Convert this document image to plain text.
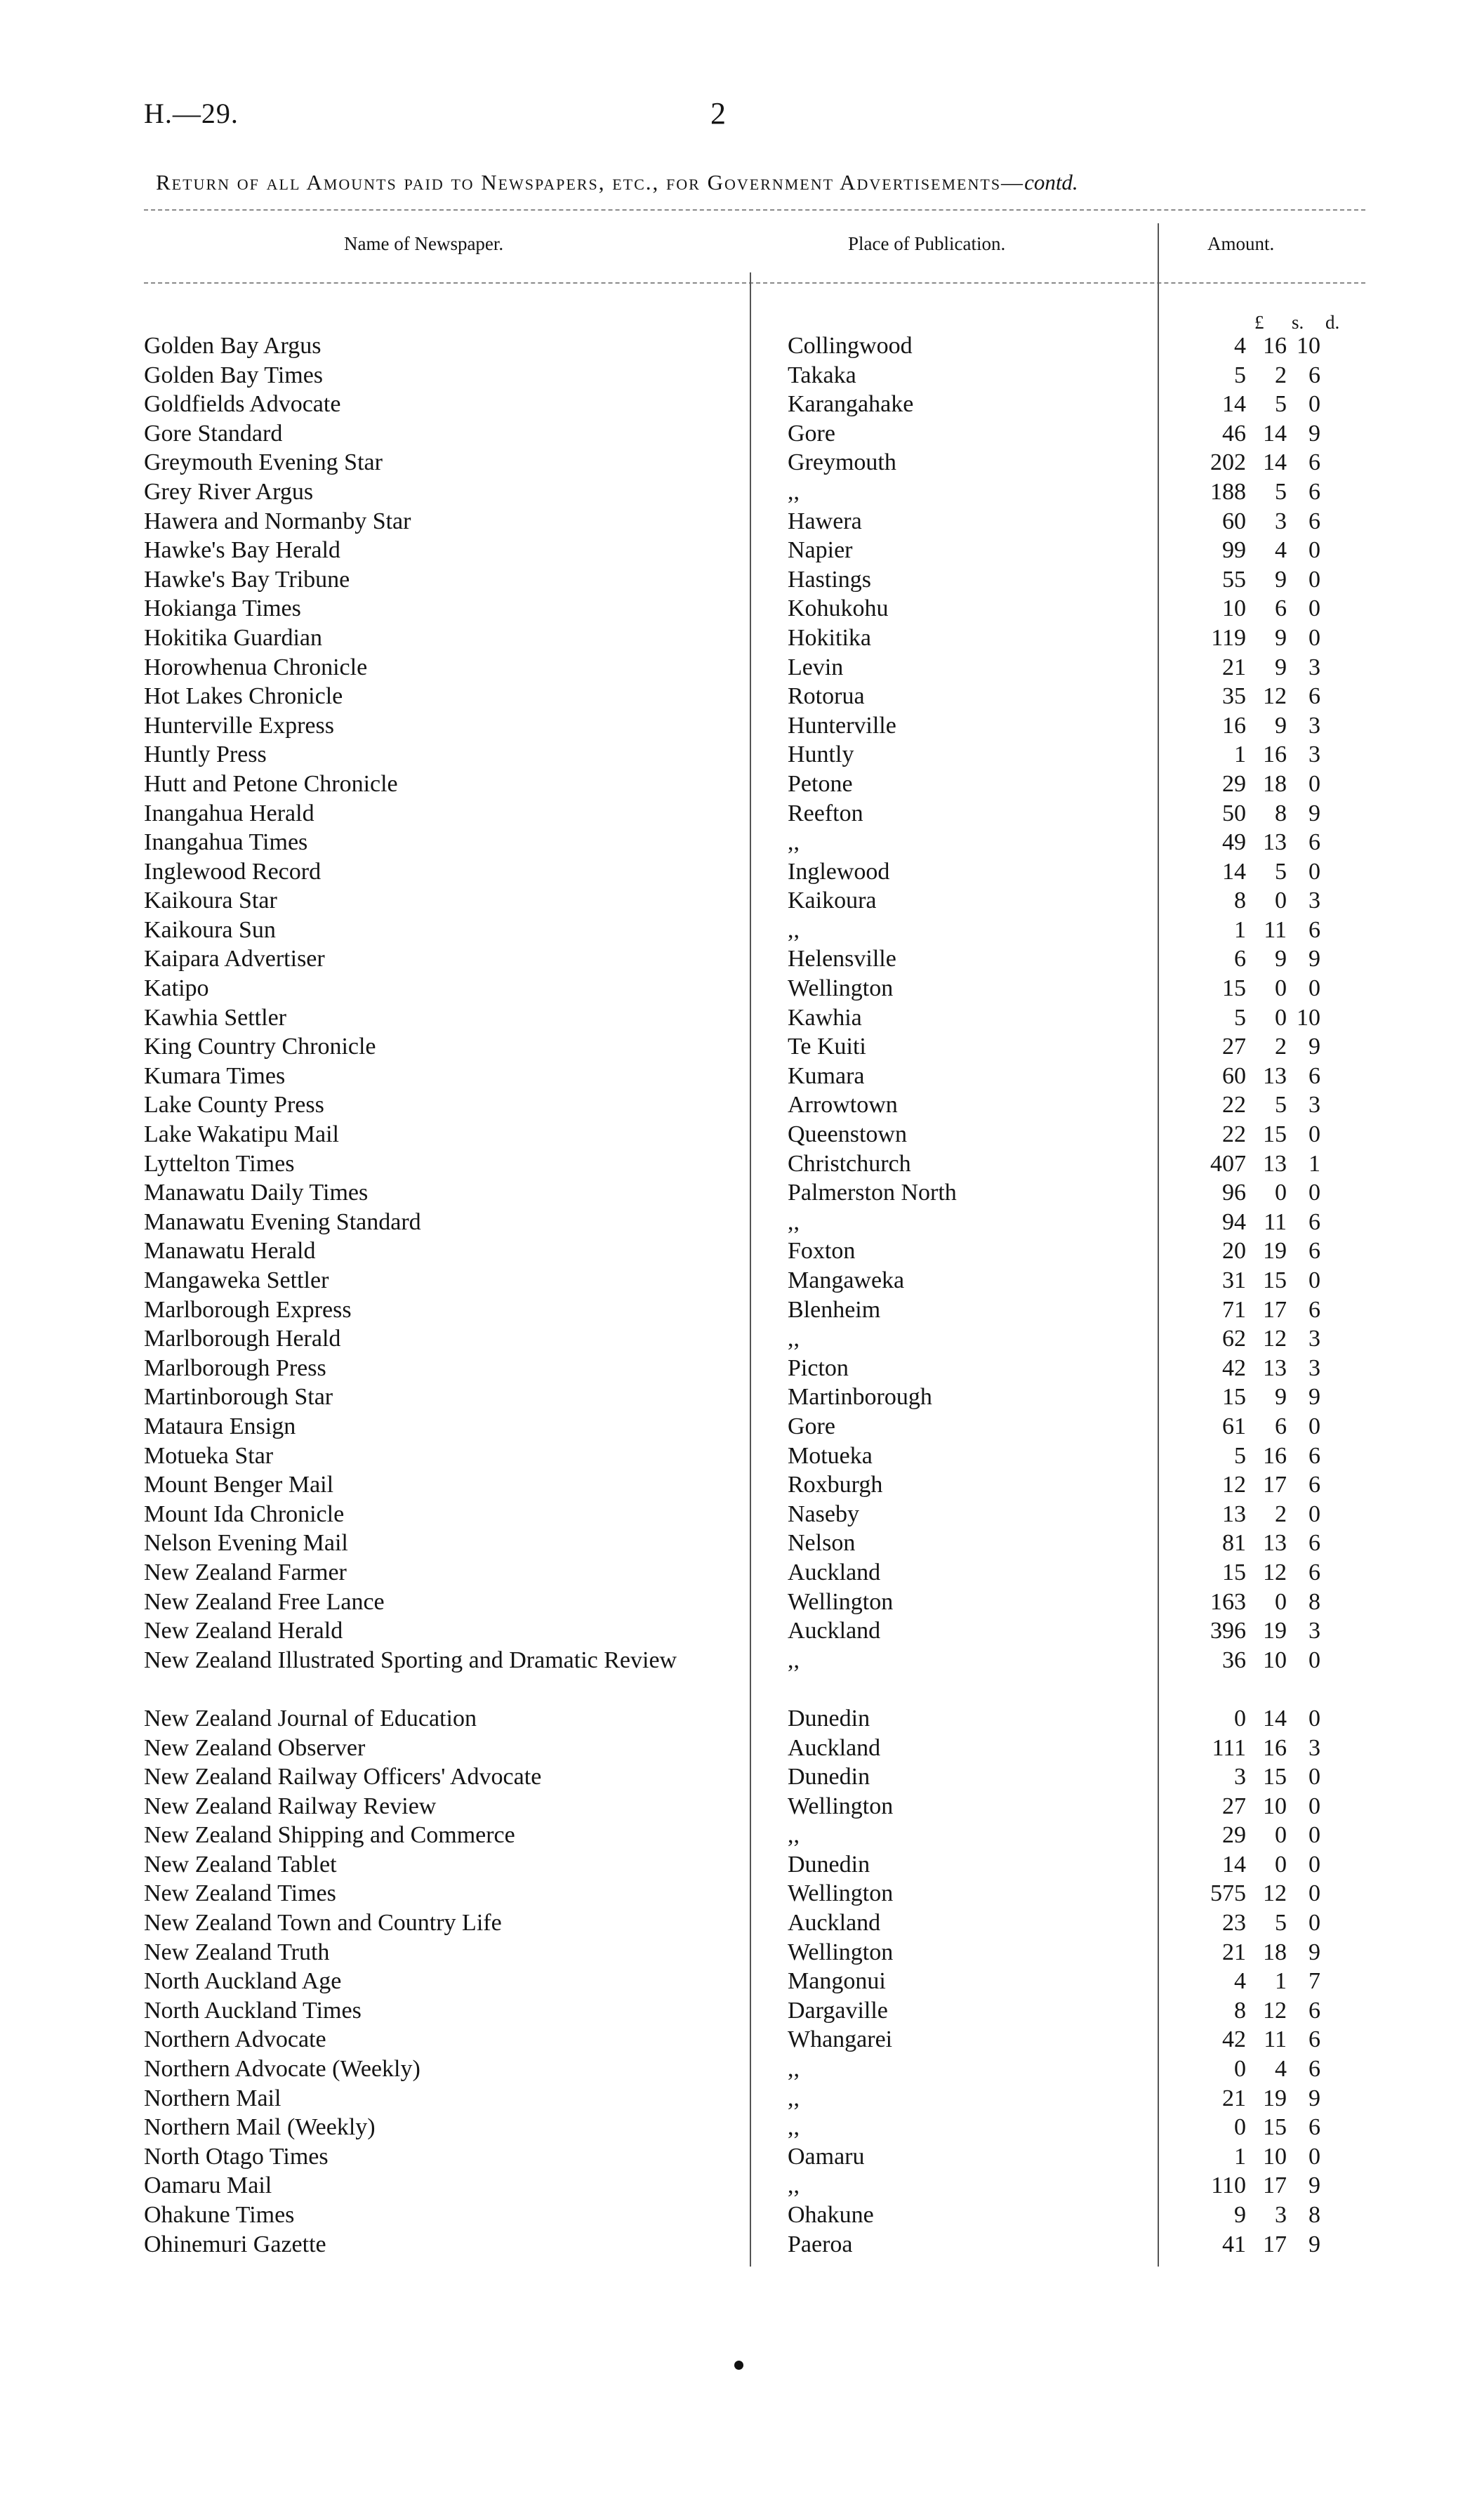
H.—29.	2
Return of all Amounts paid to Newspapers, etc., for Government Advertisements—contd.
Name of Newspaper.	Place of Publication.	Amount.
£ s. d.
Golden Bay Argus	Collingwood	4	16	10
Golden Bay Times	Takaka	5	2	6
Goldfields Advocate	Karangahake	14	5	0
Gore Standard	Gore	46	14	9
Greymouth Evening Star	Greymouth	202	14	6
Grey River Argus	,,	188	5	6
Hawera and Normanby Star	Hawera	60	3	6
Hawke's Bay Herald	Napier	99	4	0
Hawke's Bay Tribune	Hastings	55	9	0
Hokianga Times	Kohukohu	10	6	0
Hokitika Guardian	Hokitika	119	9	0
Horowhenua Chronicle	Levin	21	9	3
Hot Lakes Chronicle	Rotorua	35	12	6
Hunterville Express	Hunterville	16	9	3
Huntly Press	Huntly	1	16	3
Hutt and Petone Chronicle	Petone	29	18	0
Inangahua Herald	Reefton	50	8	9
Inangahua Times	,,	49	13	6
Inglewood Record	Inglewood	14	5	0
Kaikoura Star	Kaikoura	8	0	3
Kaikoura Sun	,,	1	11	6
Kaipara Advertiser	Helensville	6	9	9
Katipo	Wellington	15	0	0
Kawhia Settler	Kawhia	5	0	10
King Country Chronicle	Te Kuiti	27	2	9
Kumara Times	Kumara	60	13	6
Lake County Press	Arrowtown	22	5	3
Lake Wakatipu Mail	Queenstown	22	15	0
Lyttelton Times	Christchurch	407	13	1
Manawatu Daily Times	Palmerston North	96	0	0
Manawatu Evening Standard	,,	94	11	6
Manawatu Herald	Foxton	20	19	6
Mangaweka Settler	Mangaweka	31	15	0
Marlborough Express	Blenheim	71	17	6
Marlborough Herald	,,	62	12	3
Marlborough Press	Picton	42	13	3
Martinborough Star	Martinborough	15	9	9
Mataura Ensign	Gore	61	6	0
Motueka Star	Motueka	5	16	6
Mount Benger Mail	Roxburgh	12	17	6
Mount Ida Chronicle	Naseby	13	2	0
Nelson Evening Mail	Nelson	81	13	6
New Zealand Farmer	Auckland	15	12	6
New Zealand Free Lance	Wellington	163	0	8
New Zealand Herald	Auckland	396	19	3
New Zealand Illustrated Sporting and Dramatic Review	,,	36	10	0
New Zealand Journal of Education	Dunedin	0	14	0
New Zealand Observer	Auckland	111	16	3
New Zealand Railway Officers' Advocate	Dunedin	3	15	0
New Zealand Railway Review	Wellington	27	10	0
New Zealand Shipping and Commerce	,,	29	0	0
New Zealand Tablet	Dunedin	14	0	0
New Zealand Times	Wellington	575	12	0
New Zealand Town and Country Life	Auckland	23	5	0
New Zealand Truth	Wellington	21	18	9
North Auckland Age	Mangonui	4	1	7
North Auckland Times	Dargaville	8	12	6
Northern Advocate	Whangarei	42	11	6
Northern Advocate (Weekly)	,,	0	4	6
Northern Mail	,,	21	19	9
Northern Mail (Weekly)	,,	0	15	6
North Otago Times	Oamaru	1	10	0
Oamaru Mail	,,	110	17	9
Ohakune Times	Ohakune	9	3	8
Ohinemuri Gazette	Paeroa	41	17	9
